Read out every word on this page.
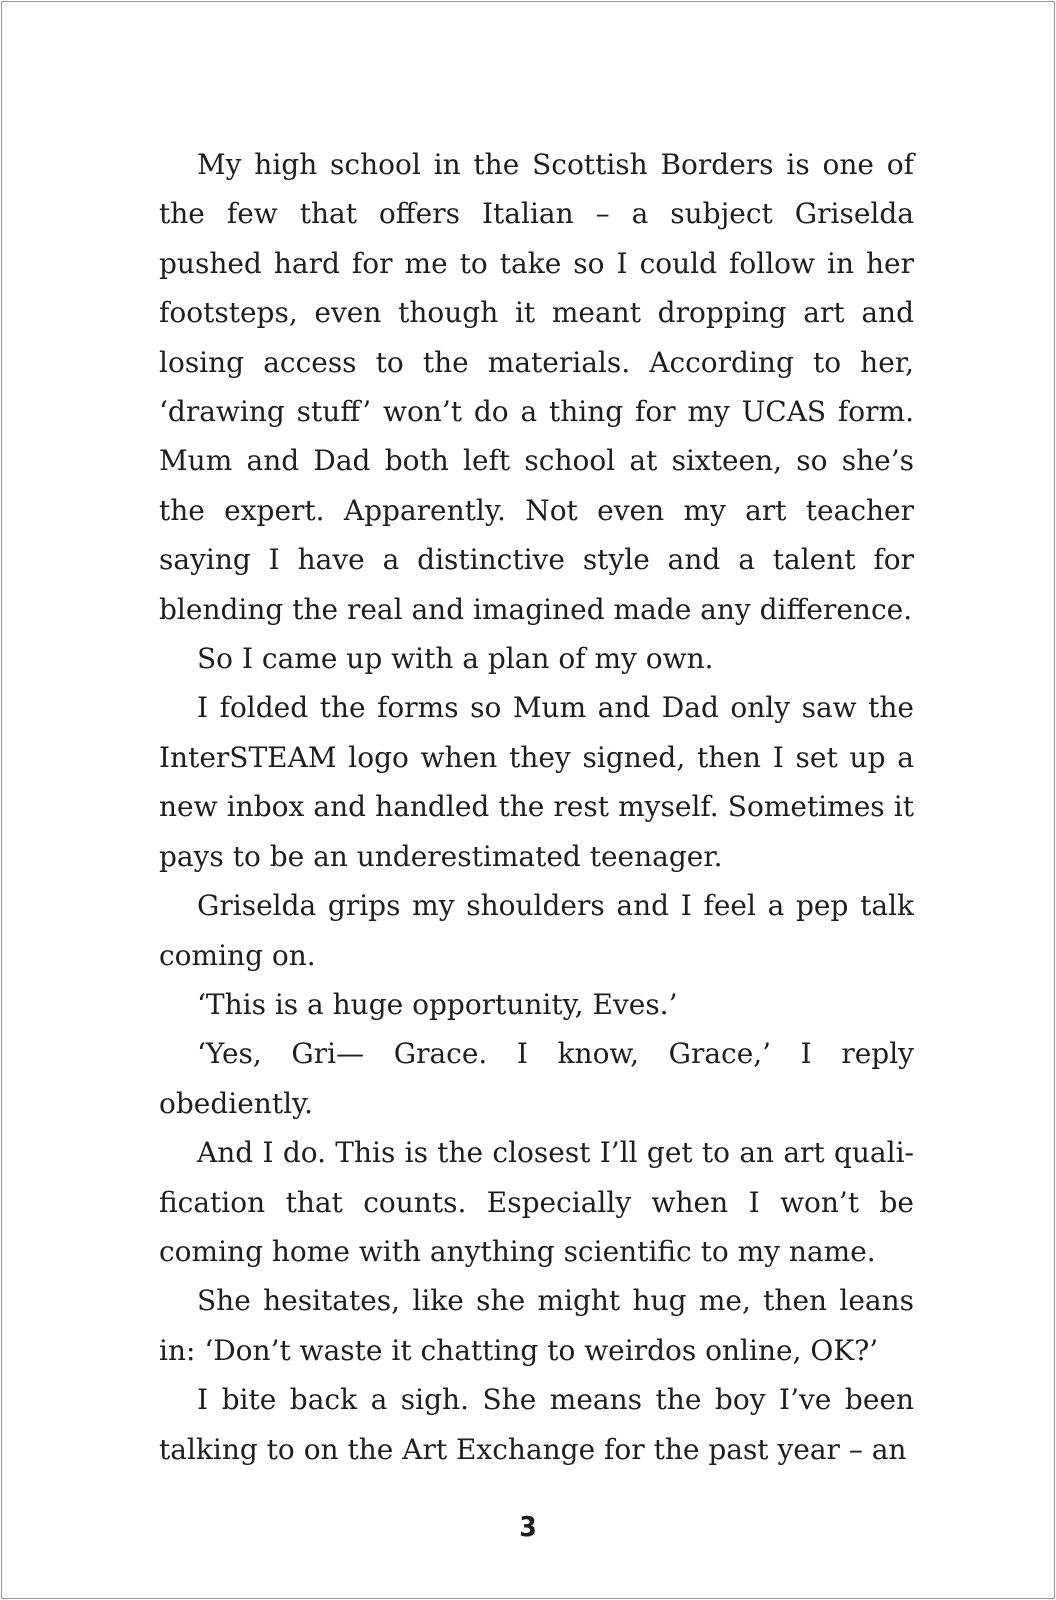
My high school in the Scottish Borders is one of the few that offers Italian – a subject Griselda pushed hard for me to take so I could follow in her footsteps, even though it meant dropping art and losing access to the materials. According to her, ‘drawing stuff’ won’t do a thing for my UCAS form. Mum and Dad both left school at sixteen, so she’s the expert. Apparently. Not even my art teacher saying I have a distinctive style and a talent for blending the real and imagined made any difference.

So I came up with a plan of my own.

I folded the forms so Mum and Dad only saw the InterSTEAM logo when they signed, then I set up a new inbox and handled the rest myself. Sometimes it pays to be an underestimated teenager.

Griselda grips my shoulders and I feel a pep talk coming on.

‘This is a huge opportunity, Eves.’

‘Yes, Gri— Grace. I know, Grace,’ I reply obediently.

And I do. This is the closest I’ll get to an art qualification that counts. Especially when I won’t be coming home with anything scientific to my name.

She hesitates, like she might hug me, then leans in: ‘Don’t waste it chatting to weirdos online, OK?’

I bite back a sigh. She means the boy I’ve been talking to on the Art Exchange for the past year – an

3
